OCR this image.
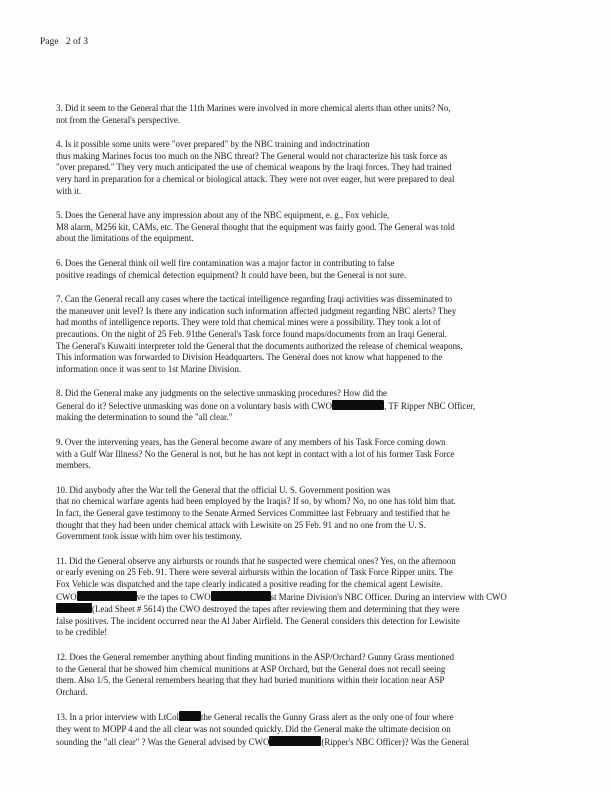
Page 2 of 3
3. Did it seem to the General that the 11th Marines were involved in more chemical alerts than other units? No,
not from the General's perspective.
4. Is it possible some units were "over prepared" by the NBC training and indoctrination
thus making Marines focus too much on the NBC threat? The General would not characterize his task force as
"over prepared." They very much anticipated the use of chemical weapons by the Iraqi forces. They had trained
very hard in preparation for a chemical or biological attack. They were not over eager, but were prepared to deal
with it.
5. Does the General have any impression about any of the NBC equipment, e. g., Fox vehicle,
M8 alarm, M256 kit, CAMs, etc. The General thought that the equipment was fairly good. The General was told
about the limitations of the equipment.
6. Does the General think oil well fire contamination was a major factor in contributing to false
positive readings of chemical detection equipment? It could have been, but the General is not sure.
7. Can the General recall any cases where the tactical intelligence regarding Iraqi activities was disseminated to
the maneuver unit level? Is there any indication such information affected judgment regarding NBC alerts? They
had months of intelligence reports. They were told that chemical mines were a possibility. They took a lot of
precautions. On the night of 25 Feb. 91the General's Task force found maps/documents from an Iraqi General.
The General's Kuwaiti interpreter told the General that the documents authorized the release of chemical weapons.
This information was forwarded to Division Headquarters. The General does not know what happened to the
information once it was sent to 1st Marine Division.
8. Did the General make any judgments on the selective unmasking procedures? How did the
General do it? Selective unmasking was done on a voluntary basis with CWO	, TF Ripper NBC Officer,
making the determination to sound the "all clear."
9. Over the intervening years, has the General become aware of any members of his Task Force coming down
with a Gulf War Illness? No the General is not, but he has not kept in contact with a lot of his former Task Force
members.
10. Did anybody after the War tell the General that the official U. S. Government position was
that no chemical warfare agents had been employed by the Iraqis? If so, by whom? No, no one has told him that.
In fact, the General gave testimony to the Senate Armed Services Committee last February and testified that he
thought that they had been under chemical attack with Lewisite on 25 Feb. 91 and no one from the U. S.
Government took issue with him over his testimony.
11. Did the General observe any airbursts or rounds that he suspected were chemical ones? Yes, on the afternoon
or early evening on 25 Feb. 91. There were several airbursts within the location of Task Force Ripper units. The
Fox Vehicle was dispatched and the tape clearly indicated a positive reading for the chemical agent Lewisite.
CWO	ve the tapes to CWO	st Marine Division's NBC Officer. During an interview with CWO
(Lead Sheet # 5614) the CWO destroyed the tapes after reviewing them and determining that they were
false positives. The incident occurred near the Al Jaber Airfield. The General considers this detection for Lewisite
to be credible!
12. Does the General remember anything about finding munitions in the ASP/Orchard? Gunny Grass mentioned
to the General that he showed him chemical munitions at ASP Orchard, but the General does not recall seeing
them. Also 1/5, the General remembers hearing that they had buried munitions within their location near ASP
Orchard.
13. In a prior interview with LtCol the General recalls the Gunny Grass alert as the only one of four where
they went to MOPP 4 and the all clear was not sounded quickly. Did the General make the ultimate decision on
sounding the "all clear" ? Was the General advised by CWO	(Ripper's NBC Officer)? Was the General
